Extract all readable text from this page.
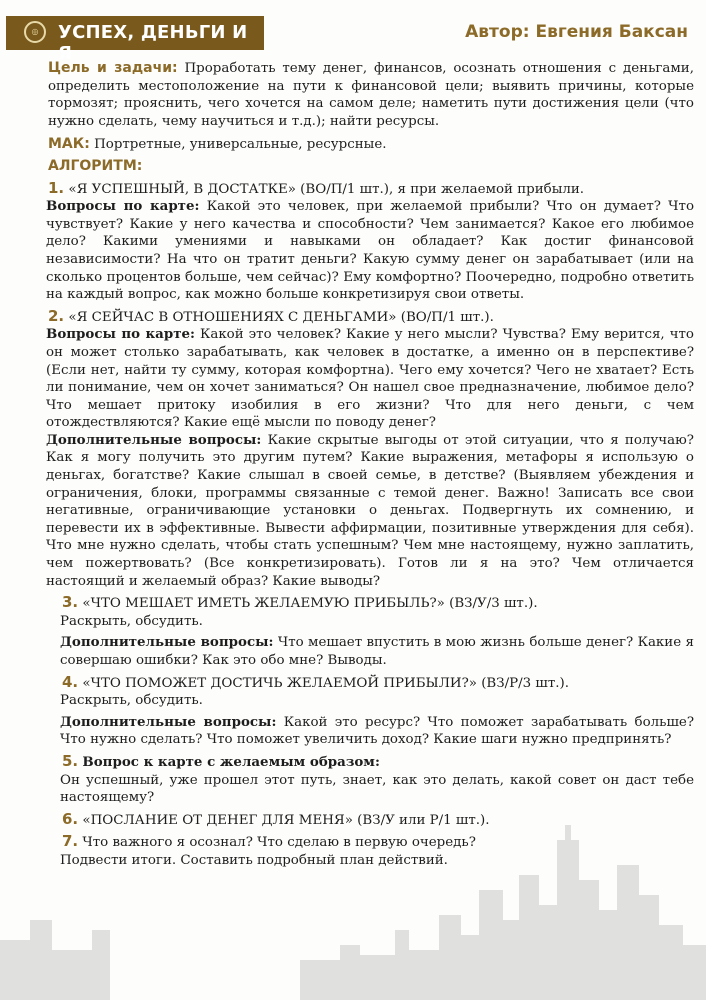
◎	УСПЕХ, ДЕНЬГИ И Я
Автор: Евгения Баксан

Цель и задачи: Проработать тему денег, финансов, осознать отношения с деньгами, определить местоположение на пути к финансовой цели; выявить причины, которые тормозят; прояснить, чего хочется на самом деле; наметить пути достижения цели (что нужно сделать, чему научиться и т.д.); найти ресурсы.

МАК: Портретные, универсальные, ресурсные.

АЛГОРИТМ:

1. «Я УСПЕШНЫЙ, В ДОСТАТКЕ» (ВО/П/1 шт.), я при желаемой прибыли.

Вопросы по карте: Какой это человек, при желаемой прибыли? Что он думает? Что чувствует? Какие у него качества и способности? Чем занимается? Какое его любимое дело? Какими умениями и навыками он обладает? Как достиг финансовой независимости? На что он тратит деньги? Какую сумму денег он зарабатывает (или на сколько процентов больше, чем сейчас)? Ему комфортно? Поочередно, подробно ответить на каждый вопрос, как можно больше конкретизируя свои ответы.

2. «Я СЕЙЧАС В ОТНОШЕНИЯХ С ДЕНЬГАМИ» (ВО/П/1 шт.).

Вопросы по карте: Какой это человек? Какие у него мысли? Чувства? Ему верится, что он может столько зарабатывать, как человек в достатке, а именно он в перспективе? (Если нет, найти ту сумму, которая комфортна). Чего ему хочется? Чего не хватает? Есть ли понимание, чем он хочет заниматься? Он нашел свое предназначение, любимое дело? Что мешает притоку изобилия в его жизни? Что для него деньги, с чем отождествляются? Какие ещё мысли по поводу денег?

Дополнительные вопросы: Какие скрытые выгоды от этой ситуации, что я получаю? Как я могу получить это другим путем? Какие выражения, метафоры я использую о деньгах, богатстве? Какие слышал в своей семье, в детстве? (Выявляем убеждения и ограничения, блоки, программы связанные с темой денег. Важно! Записать все свои негативные, ограничивающие установки о деньгах. Подвергнуть их сомнению, и перевести их в эффективные. Вывести аффирмации, позитивные утверждения для себя). Что мне нужно сделать, чтобы стать успешным? Чем мне настоящему, нужно заплатить, чем пожертвовать? (Все конкретизировать). Готов ли я на это? Чем отличается настоящий и желаемый образ? Какие выводы?

3. «ЧТО МЕШАЕТ ИМЕТЬ ЖЕЛАЕМУЮ ПРИБЫЛЬ?» (ВЗ/У/3 шт.).

Раскрыть, обсудить.

Дополнительные вопросы: Что мешает впустить в мою жизнь больше денег? Какие я совершаю ошибки? Как это обо мне? Выводы.

4. «ЧТО ПОМОЖЕТ ДОСТИЧЬ ЖЕЛАЕМОЙ ПРИБЫЛИ?» (ВЗ/Р/3 шт.).

Раскрыть, обсудить.

Дополнительные вопросы: Какой это ресурс? Что поможет зарабатывать больше? Что нужно сделать? Что поможет увеличить доход? Какие шаги нужно предпринять?

5. Вопрос к карте с желаемым образом:

Он успешный, уже прошел этот путь, знает, как это делать, какой совет он даст тебе настоящему?

6. «ПОСЛАНИЕ ОТ ДЕНЕГ ДЛЯ МЕНЯ» (ВЗ/У или Р/1 шт.).

7. Что важного я осознал? Что сделаю в первую очередь?

Подвести итоги. Составить подробный план действий.
